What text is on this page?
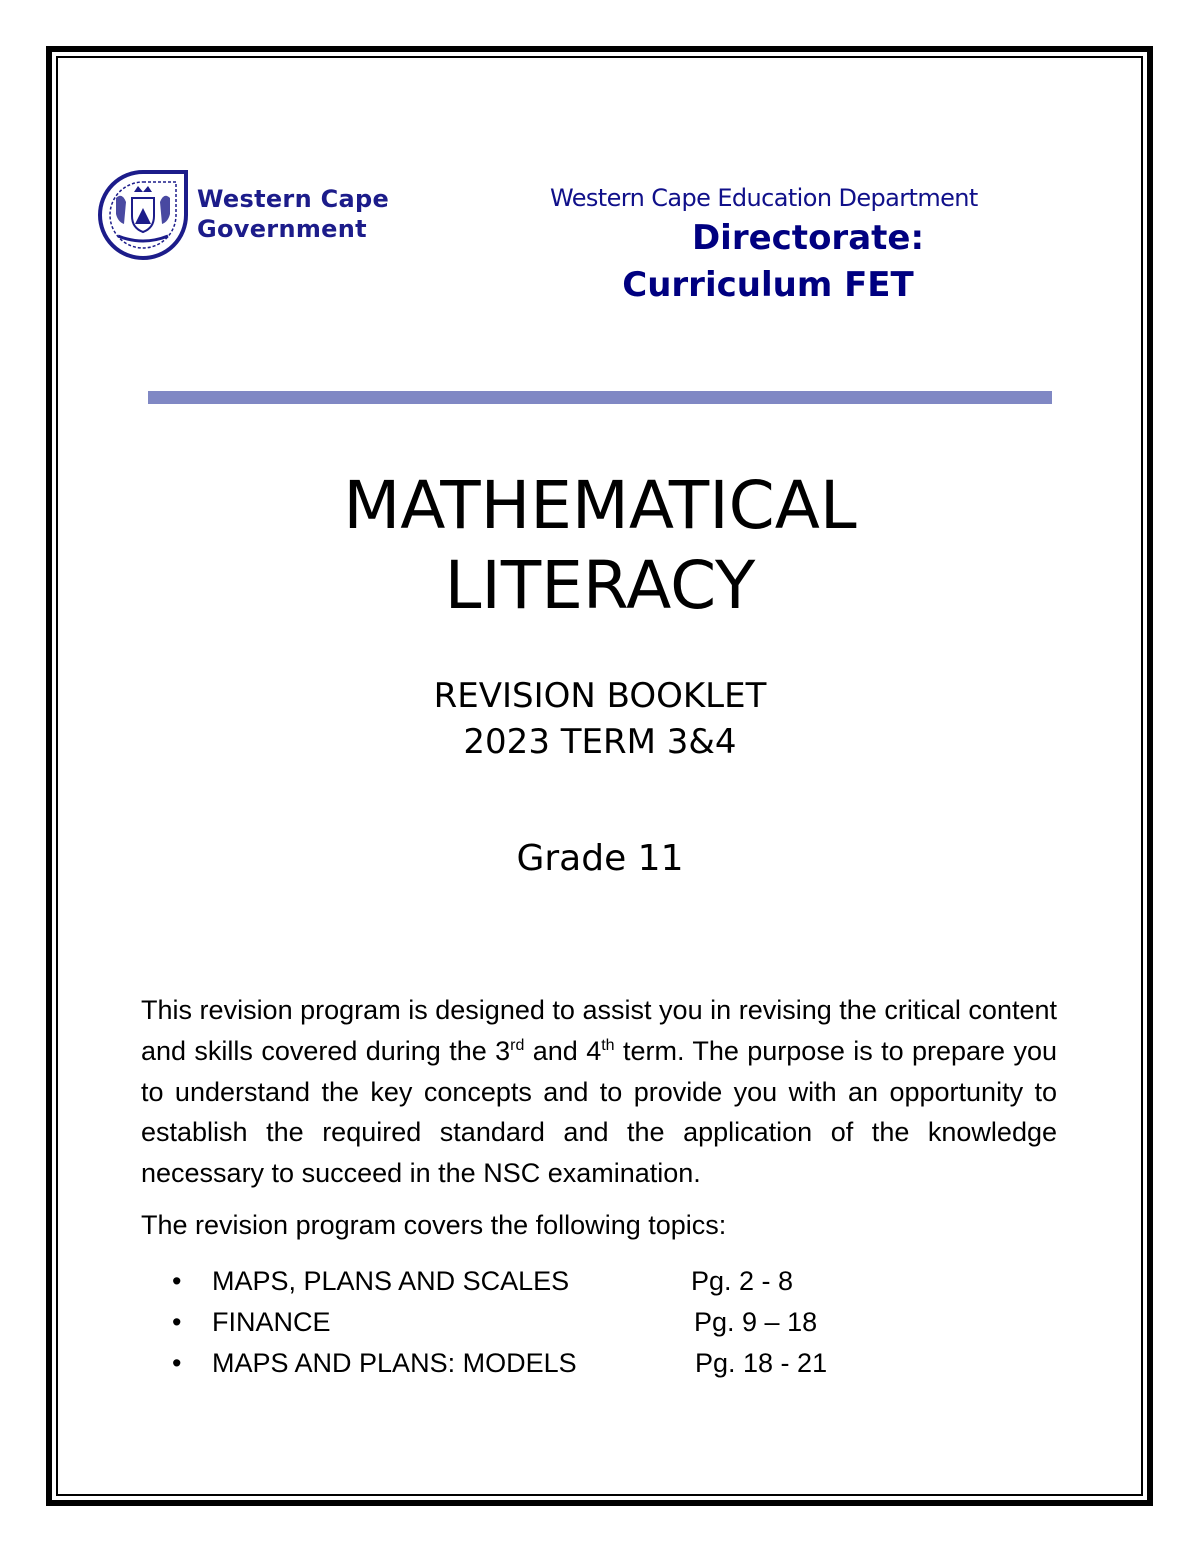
Western Cape
Government
Western Cape Education Department
Directorate:
Curriculum FET
MATHEMATICAL
LITERACY
REVISION BOOKLET
2023 TERM 3&4
Grade 11
This revision program is designed to assist you in revising the critical content and skills covered during the 3rd and 4th term. The purpose is to prepare you to understand the key concepts and to provide you with an opportunity to establish the required standard and the application of the knowledge necessary to succeed in the NSC examination.
The revision program covers the following topics:
• MAPS, PLANS AND SCALES	Pg. 2 - 8
• FINANCE	Pg. 9 – 18
• MAPS AND PLANS: MODELS	Pg. 18 - 21
